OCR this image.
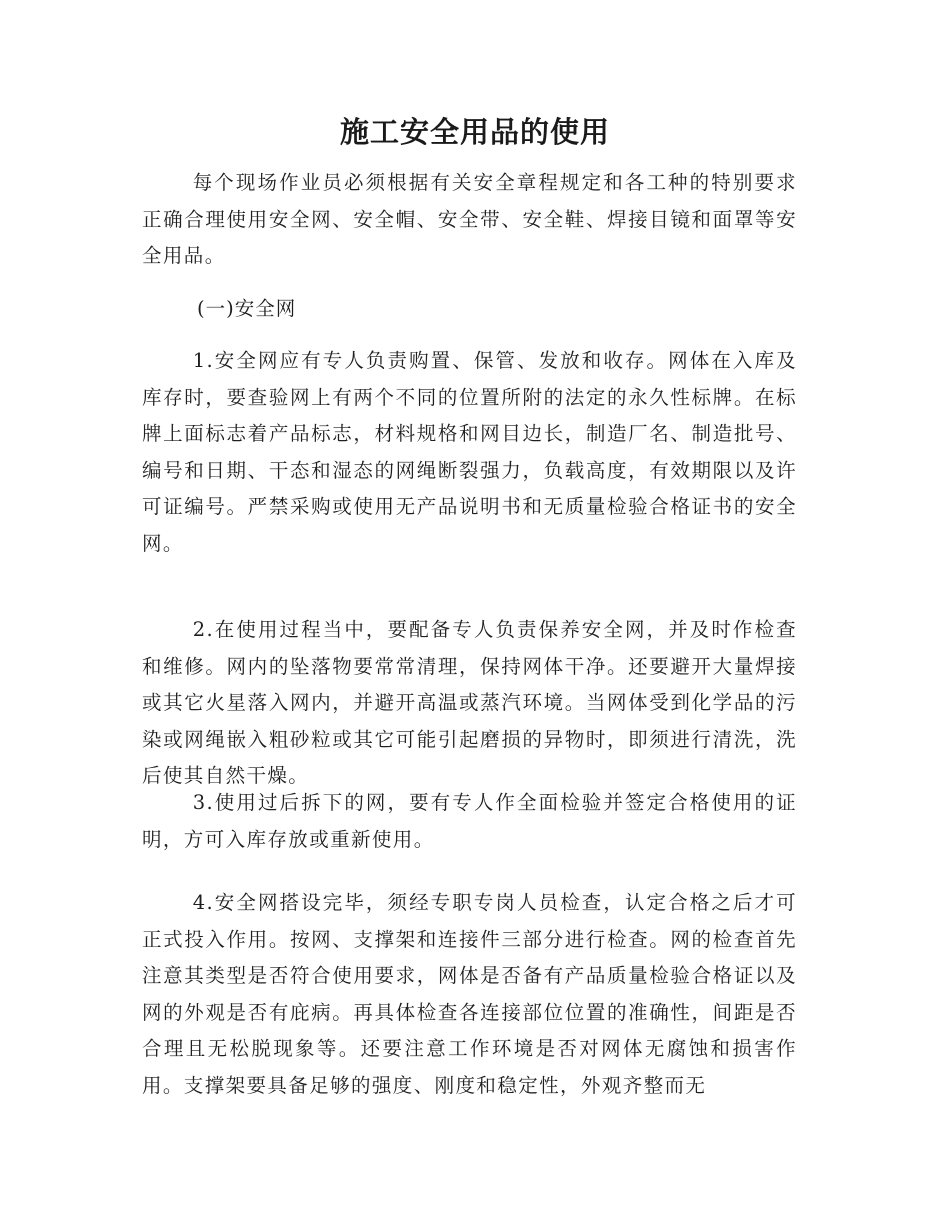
施工安全用品的使用

每个现场作业员必须根据有关安全章程规定和各工种的特别要求正确合理使用安全网、安全帽、安全带、安全鞋、焊接目镜和面罩等安全用品。

(一)安全网

1.安全网应有专人负责购置、保管、发放和收存。网体在入库及库存时，要查验网上有两个不同的位置所附的法定的永久性标牌。在标牌上面标志着产品标志，材料规格和网目边长，制造厂名、制造批号、编号和日期、干态和湿态的网绳断裂强力，负载高度，有效期限以及许可证编号。严禁采购或使用无产品说明书和无质量检验合格证书的安全网。

2.在使用过程当中，要配备专人负责保养安全网，并及时作检查和维修。网内的坠落物要常常清理，保持网体干净。还要避开大量焊接或其它火星落入网内，并避开高温或蒸汽环境。当网体受到化学品的污染或网绳嵌入粗砂粒或其它可能引起磨损的异物时，即须进行清洗，洗后使其自然干燥。

3.使用过后拆下的网，要有专人作全面检验并签定合格使用的证明，方可入库存放或重新使用。

4.安全网搭设完毕，须经专职专岗人员检查，认定合格之后才可正式投入作用。按网、支撑架和连接件三部分进行检查。网的检查首先注意其类型是否符合使用要求，网体是否备有产品质量检验合格证以及网的外观是否有庇病。再具体检查各连接部位位置的准确性，间距是否合理且无松脱现象等。还要注意工作环境是否对网体无腐蚀和损害作用。支撑架要具备足够的强度、刚度和稳定性，外观齐整而无
